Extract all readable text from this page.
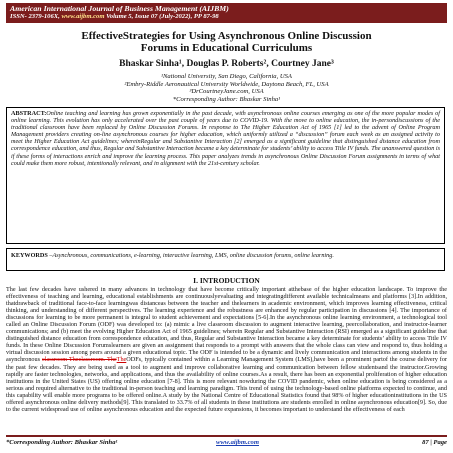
American International Journal of Business Management (AIJBM)
ISSN- 2379-106X, www.aijbm.com Volume 5, Issue 07 (July-2022), PP 87-98
EffectiveStrategies for Using Asynchronous Online Discussion
Forums in Educational Curriculums
Bhaskar Sinha¹, Douglas P. Roberts², Courtney Jane³
¹National University, San Diego, California, USA
²Embry-Riddle Aeronautical University Worldwide, Daytona Beach, FL, USA
³DrCourtneyJane.com, USA
*Corresponding Author: Bhaskar Sinha¹

ABSTRACT:Online teaching and learning has grown exponentially in the past decade, with asynchronous online courses emerging as one of the more popular modes of online learning. This evolution has only accelerated over the past couple of years due to COVID-19. With the move to online education, the in-persondiscussions of the traditional classroom have been replaced by Online Discussion Forums. In response to The Higher Education Act of 1965 [1] led to the advent of Online Program Management providers creating on-line asynchronous courses for higher education, which uniformly utilized a “discussion” forum each week as an assigned activity to meet the Higher Education Act guidelines; whereinRegular and Substantive Interaction [2] emerged as a significant guideline that distinguished distance education from correspondence education, and thus, Regular and Substantive Interaction became a key determinate for students’ ability to access Title IV funds. The unanswered question is if these forms of interactions enrich and improve the learning process. This paper analyzes trends in asynchronous Online Discussion Forum assignments in terms of what could make them more robust, intentionally relevant, and in alignment with the 21st-century scholar.

KEYWORDS –Asynchronous, communications, e-learning, interactive learning, LMS, online discussion forums, online learning.

I. INTRODUCTION

The last few decades have ushered in many advances in technology that have become critically important atthebase of the higher education landscape. To improve the effectiveness of teaching and learning, educational establishments are continuouslyevaluating and integratingdifferent available technicalmeans and platforms [3].In addition, thatdrawback of traditional face-to-face learningwas distanceas between the teacher and thelearners in academic environment, which improves learning effectiveness, critical thinking, and understanding of different perspectives. The learning experience and the robustness are enhanced by regular participation in discussions [4]. The importance of discussions for learning to be more permanent is integral to student achievement and expectations [5-6].In the asynchronous online learning environment, a technological tool called an Online Discussion Forum (ODF) was developed to: (a) mimic a live classroom discussion to augment interactive learning, peercollaboration, and instructor-learner communications; and (b) meet the evolving Higher Education Act of 1965 guidelines; wherein Regular and Substantive Interaction (RSI) emerged as a significant guideline that distinguished distance education from correspondence education, and thus, Regular and Substantive Interaction became a key determinate for students’ ability to access Title IV funds. In these Online Discussion Forumslearners are given an assignment that responds to a prompt with answers that the whole class can view and respond to, thus holding a virtual discussion session among peers around a given educational topic. The ODF is intended to be a dynamic and lively communication and interactions among students in the asynchronous classroom Theclassroom. TheTheODFs, typically contained within a Learning Management System (LMS),have been a prominent partof the course delivery for the past few decades. They are being used as a tool to augment and improve collaborative learning and communication between fellow studentsand the instructor.Growing rapidly are faster technologies, networks, and applications, and thus the availability of online courses.As a result, there has been an exponential proliferation of higher education institutions in the United States (US) offering online education [7-8]. This is more relevant nowduring the COVID pandemic, when online education is being considered as a serious and required alternative to the traditional in-person teaching and learning paradigm. This trend of using the technology-based online platforms expected to continue, and this capability will enable more programs to be offered online.A study by the National Centre of Educational Statistics found that 98% of higher educationinstitutions in the US offered asynchronous online delivery methods[9]. This translated to 33.7% of all students in these institutions are students enrolled in online asynchronous education[9]. So, due to the current widespread use of online asynchronous education and the expected future expansions, it becomes important to understand the effectiveness of each

*Corresponding Author: Bhaskar Sinha¹	www.aijbm.com	87 | Page
